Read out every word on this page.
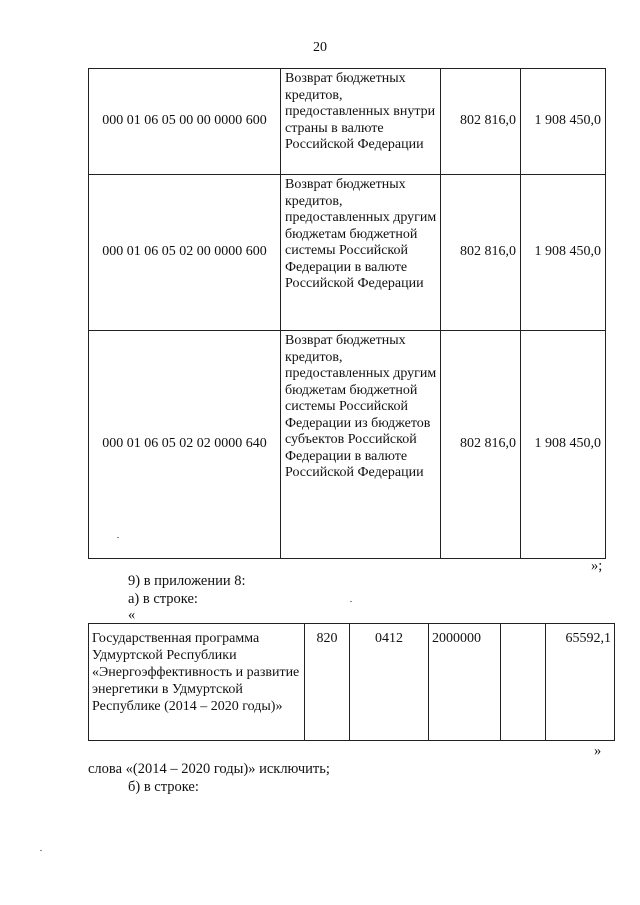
20
000 01 06 05 00 00 0000 600	Возврат бюджетных кредитов, предоставленных внутри страны в валюте Российской Федерации	802 816,0	1 908 450,0
000 01 06 05 02 00 0000 600	Возврат бюджетных кредитов, предоставленных другим бюджетам бюджетной системы Российской Федерации в валюте Российской Федерации	802 816,0	1 908 450,0
000 01 06 05 02 02 0000 640	Возврат бюджетных кредитов, предоставленных другим бюджетам бюджетной системы Российской Федерации из бюджетов субъектов Российской Федерации в валюте Российской Федерации	802 816,0	1 908 450,0
»;
9) в приложении 8:
а) в строке:
«
Государственная программа Удмуртской Республики «Энергоэффективность и развитие энергетики в Удмуртской Республике (2014 – 2020 годы)»	820	0412	2000000		65592,1
»
слова «(2014 – 2020 годы)» исключить;
б) в строке:
